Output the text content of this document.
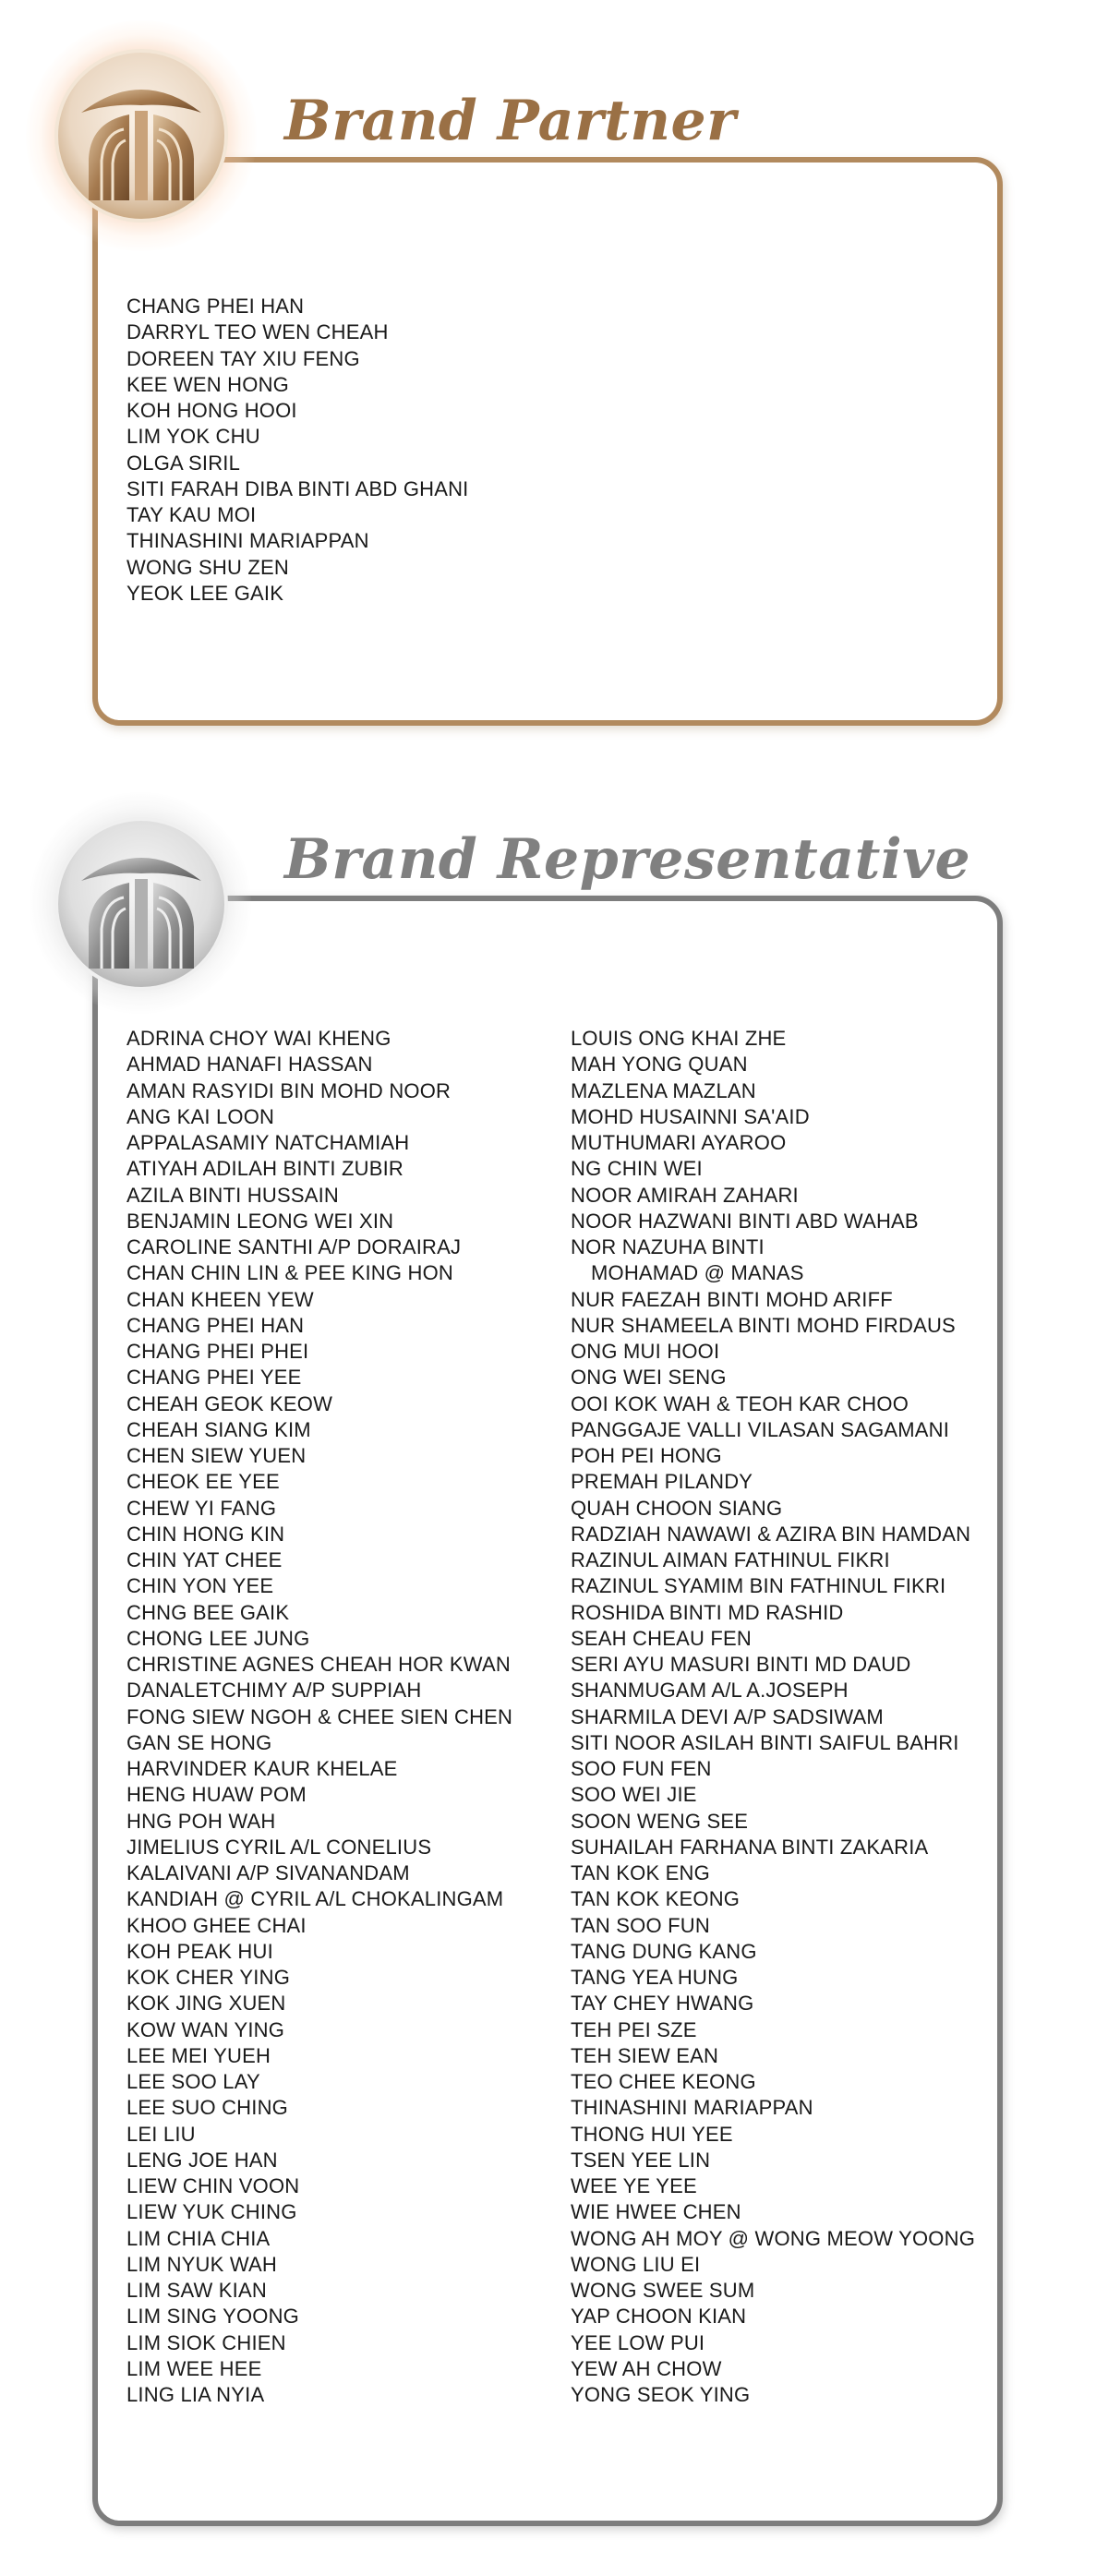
Brand Partner
CHANG PHEI HAN
DARRYL TEO WEN CHEAH
DOREEN TAY XIU FENG
KEE WEN HONG
KOH HONG HOOI
LIM YOK CHU
OLGA SIRIL
SITI FARAH DIBA BINTI ABD GHANI
TAY KAU MOI
THINASHINI MARIAPPAN
WONG SHU ZEN
YEOK LEE GAIK
Brand Representative
ADRINA CHOY WAI KHENG
AHMAD HANAFI HASSAN
AMAN RASYIDI BIN MOHD NOOR
ANG KAI LOON
APPALASAMIY NATCHAMIAH
ATIYAH ADILAH BINTI ZUBIR
AZILA BINTI HUSSAIN
BENJAMIN LEONG WEI XIN
CAROLINE SANTHI A/P DORAIRAJ
CHAN CHIN LIN & PEE KING HON
CHAN KHEEN YEW
CHANG PHEI HAN
CHANG PHEI PHEI
CHANG PHEI YEE
CHEAH GEOK KEOW
CHEAH SIANG KIM
CHEN SIEW YUEN
CHEOK EE YEE
CHEW YI FANG
CHIN HONG KIN
CHIN YAT CHEE
CHIN YON YEE
CHNG BEE GAIK
CHONG LEE JUNG
CHRISTINE AGNES CHEAH HOR KWAN
DANALETCHIMY A/P SUPPIAH
FONG SIEW NGOH & CHEE SIEN CHEN
GAN SE HONG
HARVINDER KAUR KHELAE
HENG HUAW POM
HNG POH WAH
JIMELIUS CYRIL A/L CONELIUS
KALAIVANI A/P SIVANANDAM
KANDIAH @ CYRIL A/L CHOKALINGAM
KHOO GHEE CHAI
KOH PEAK HUI
KOK CHER YING
KOK JING XUEN
KOW WAN YING
LEE MEI YUEH
LEE SOO LAY
LEE SUO CHING
LEI LIU
LENG JOE HAN
LIEW CHIN VOON
LIEW YUK CHING
LIM CHIA CHIA
LIM NYUK WAH
LIM SAW KIAN
LIM SING YOONG
LIM SIOK CHIEN
LIM WEE HEE
LING LIA NYIA
LOUIS ONG KHAI ZHE
MAH YONG QUAN
MAZLENA MAZLAN
MOHD HUSAINNI SA'AID
MUTHUMARI AYAROO
NG CHIN WEI
NOOR AMIRAH ZAHARI
NOOR HAZWANI BINTI ABD WAHAB
NOR NAZUHA BINTI
MOHAMAD @ MANAS
NUR FAEZAH BINTI MOHD ARIFF
NUR SHAMEELA BINTI MOHD FIRDAUS
ONG MUI HOOI
ONG WEI SENG
OOI KOK WAH & TEOH KAR CHOO
PANGGAJE VALLI VILASAN SAGAMANI
POH PEI HONG
PREMAH PILANDY
QUAH CHOON SIANG
RADZIAH NAWAWI & AZIRA BIN HAMDAN
RAZINUL AIMAN FATHINUL FIKRI
RAZINUL SYAMIM BIN FATHINUL FIKRI
ROSHIDA BINTI MD RASHID
SEAH CHEAU FEN
SERI AYU MASURI BINTI MD DAUD
SHANMUGAM A/L A.JOSEPH
SHARMILA DEVI A/P SADSIWAM
SITI NOOR ASILAH BINTI SAIFUL BAHRI
SOO FUN FEN
SOO WEI JIE
SOON WENG SEE
SUHAILAH FARHANA BINTI ZAKARIA
TAN KOK ENG
TAN KOK KEONG
TAN SOO FUN
TANG DUNG KANG
TANG YEA HUNG
TAY CHEY HWANG
TEH PEI SZE
TEH SIEW EAN
TEO CHEE KEONG
THINASHINI MARIAPPAN
THONG HUI YEE
TSEN YEE LIN
WEE YE YEE
WIE HWEE CHEN
WONG AH MOY @ WONG MEOW YOONG
WONG LIU EI
WONG SWEE SUM
YAP CHOON KIAN
YEE LOW PUI
YEW AH CHOW
YONG SEOK YING
